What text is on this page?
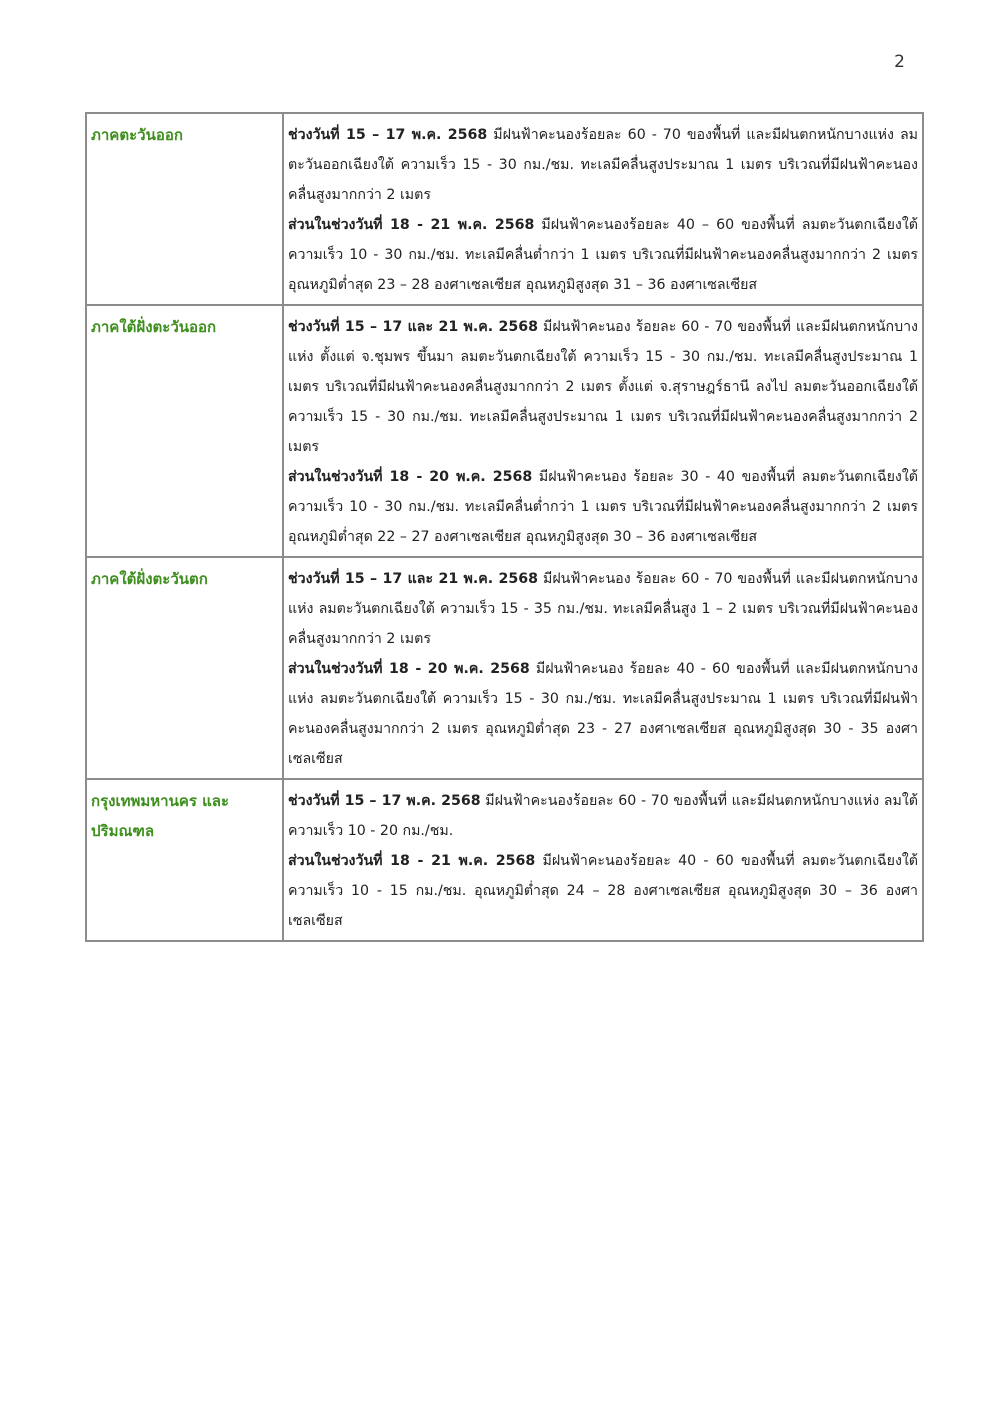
2
ภาคตะวันออก	ช่วงวันที่ 15 – 17 พ.ค. 2568 มีฝนฟ้าคะนองร้อยละ 60 - 70 ของพื้นที่ และมีฝนตกหนักบางแห่ง ลมตะวันออกเฉียงใต้ ความเร็ว 15 - 30 กม./ชม. ทะเลมีคลื่นสูงประมาณ 1 เมตร บริเวณที่มีฝนฟ้าคะนองคลื่นสูงมากกว่า 2 เมตร
ส่วนในช่วงวันที่ 18 - 21 พ.ค. 2568 มีฝนฟ้าคะนองร้อยละ 40 – 60 ของพื้นที่ ลมตะวันตกเฉียงใต้ ความเร็ว 10 - 30 กม./ชม. ทะเลมีคลื่นต่ำกว่า 1 เมตร บริเวณที่มีฝนฟ้าคะนองคลื่นสูงมากกว่า 2 เมตร อุณหภูมิต่ำสุด 23 – 28 องศาเซลเซียส อุณหภูมิสูงสุด 31 – 36 องศาเซลเซียส

ภาคใต้ฝั่งตะวันออก	ช่วงวันที่ 15 – 17 และ 21 พ.ค. 2568 มีฝนฟ้าคะนอง ร้อยละ 60 - 70 ของพื้นที่ และมีฝนตกหนักบางแห่ง ตั้งแต่ จ.ชุมพร ขึ้นมา ลมตะวันตกเฉียงใต้ ความเร็ว 15 - 30 กม./ชม. ทะเลมีคลื่นสูงประมาณ 1 เมตร บริเวณที่มีฝนฟ้าคะนองคลื่นสูงมากกว่า 2 เมตร ตั้งแต่ จ.สุราษฎร์ธานี ลงไป ลมตะวันออกเฉียงใต้ ความเร็ว 15 - 30 กม./ชม. ทะเลมีคลื่นสูงประมาณ 1 เมตร บริเวณที่มีฝนฟ้าคะนองคลื่นสูงมากกว่า 2 เมตร
ส่วนในช่วงวันที่ 18 - 20 พ.ค. 2568 มีฝนฟ้าคะนอง ร้อยละ 30 - 40 ของพื้นที่ ลมตะวันตกเฉียงใต้ ความเร็ว 10 - 30 กม./ชม. ทะเลมีคลื่นต่ำกว่า 1 เมตร บริเวณที่มีฝนฟ้าคะนองคลื่นสูงมากกว่า 2 เมตร อุณหภูมิต่ำสุด 22 – 27 องศาเซลเซียส อุณหภูมิสูงสุด 30 – 36 องศาเซลเซียส

ภาคใต้ฝั่งตะวันตก	ช่วงวันที่ 15 – 17 และ 21 พ.ค. 2568 มีฝนฟ้าคะนอง ร้อยละ 60 - 70 ของพื้นที่ และมีฝนตกหนักบางแห่ง ลมตะวันตกเฉียงใต้ ความเร็ว 15 - 35 กม./ชม. ทะเลมีคลื่นสูง 1 – 2 เมตร บริเวณที่มีฝนฟ้าคะนองคลื่นสูงมากกว่า 2 เมตร
ส่วนในช่วงวันที่ 18 - 20 พ.ค. 2568 มีฝนฟ้าคะนอง ร้อยละ 40 - 60 ของพื้นที่ และมีฝนตกหนักบางแห่ง ลมตะวันตกเฉียงใต้ ความเร็ว 15 - 30 กม./ชม. ทะเลมีคลื่นสูงประมาณ 1 เมตร บริเวณที่มีฝนฟ้าคะนองคลื่นสูงมากกว่า 2 เมตร อุณหภูมิต่ำสุด 23 - 27 องศาเซลเซียส อุณหภูมิสูงสุด 30 - 35 องศาเซลเซียส

กรุงเทพมหานคร และปริมณฑล	ช่วงวันที่ 15 – 17 พ.ค. 2568 มีฝนฟ้าคะนองร้อยละ 60 - 70 ของพื้นที่ และมีฝนตกหนักบางแห่ง ลมใต้ ความเร็ว 10 - 20 กม./ชม.
ส่วนในช่วงวันที่ 18 - 21 พ.ค. 2568 มีฝนฟ้าคะนองร้อยละ 40 - 60 ของพื้นที่ ลมตะวันตกเฉียงใต้ ความเร็ว 10 - 15 กม./ชม. อุณหภูมิต่ำสุด 24 – 28 องศาเซลเซียส อุณหภูมิสูงสุด 30 – 36 องศาเซลเซียส
